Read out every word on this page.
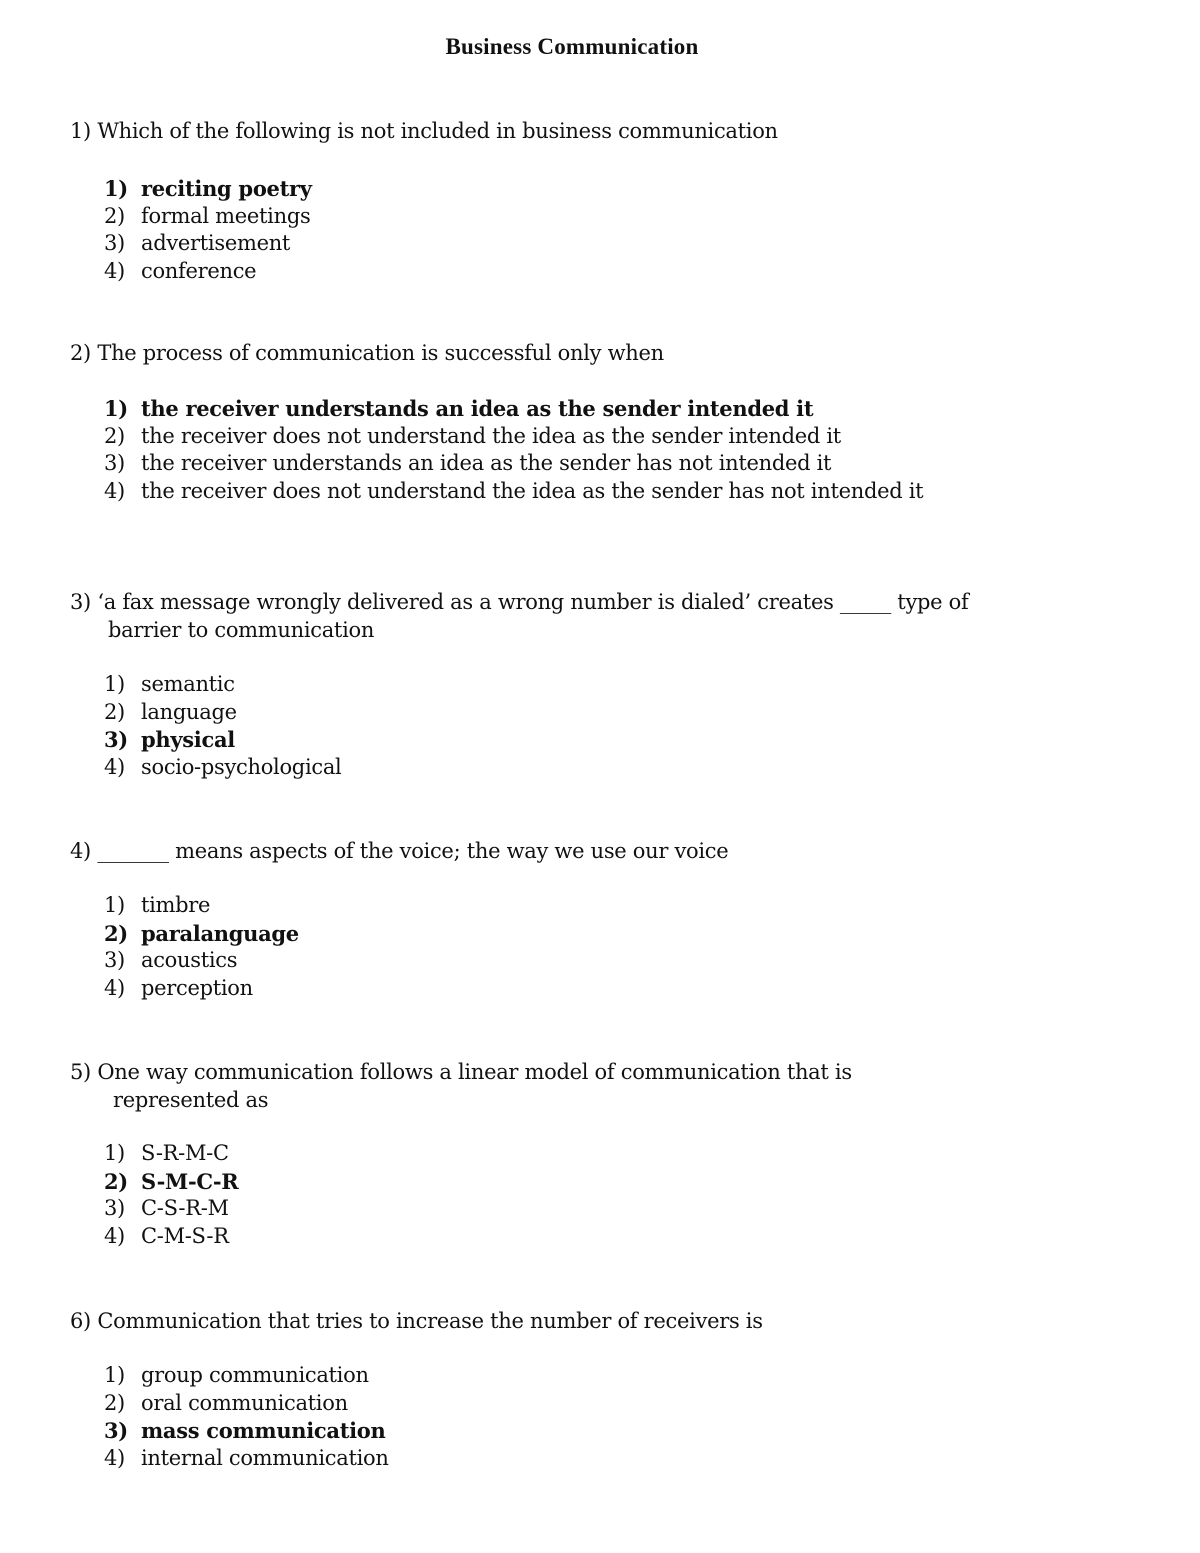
Business Communication
1) Which of the following is not included in business communication
1) reciting poetry
2) formal meetings
3) advertisement
4) conference
2) The process of communication is successful only when
1) the receiver understands an idea as the sender intended it
2) the receiver does not understand the idea as the sender intended it
3) the receiver understands an idea as the sender has not intended it
4) the receiver does not understand the idea as the sender has not intended it
3) ‘a fax message wrongly delivered as a wrong number is dialed’ creates _____ type of
barrier to communication
1) semantic
2) language
3) physical
4) socio-psychological
4) _______ means aspects of the voice; the way we use our voice
1) timbre
2) paralanguage
3) acoustics
4) perception
5) One way communication follows a linear model of communication that is
represented as
1) S-R-M-C
2) S-M-C-R
3) C-S-R-M
4) C-M-S-R
6) Communication that tries to increase the number of receivers is
1) group communication
2) oral communication
3) mass communication
4) internal communication
